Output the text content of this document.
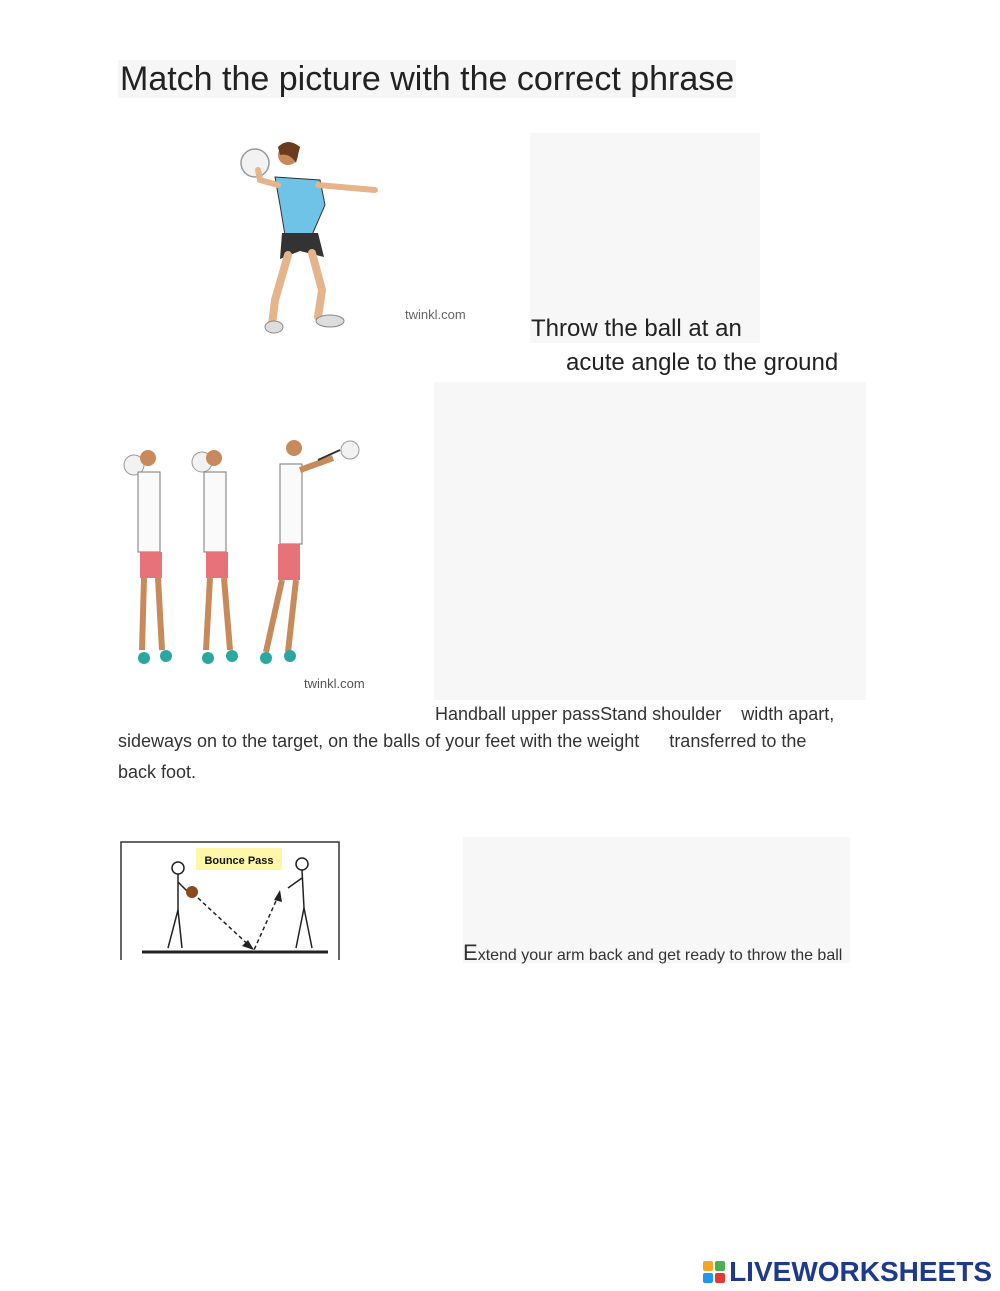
Match the picture with the correct phrase
twinkl.com
Throw the ball at an
acute angle to the ground
twinkl.com
Handball upper passStand shoulder    width apart,
sideways on to the target, on the balls of your feet with the weight      transferred to the
back foot.
Bounce Pass
Extend your arm back and get ready to throw the ball
LIVEWORKSHEETS
